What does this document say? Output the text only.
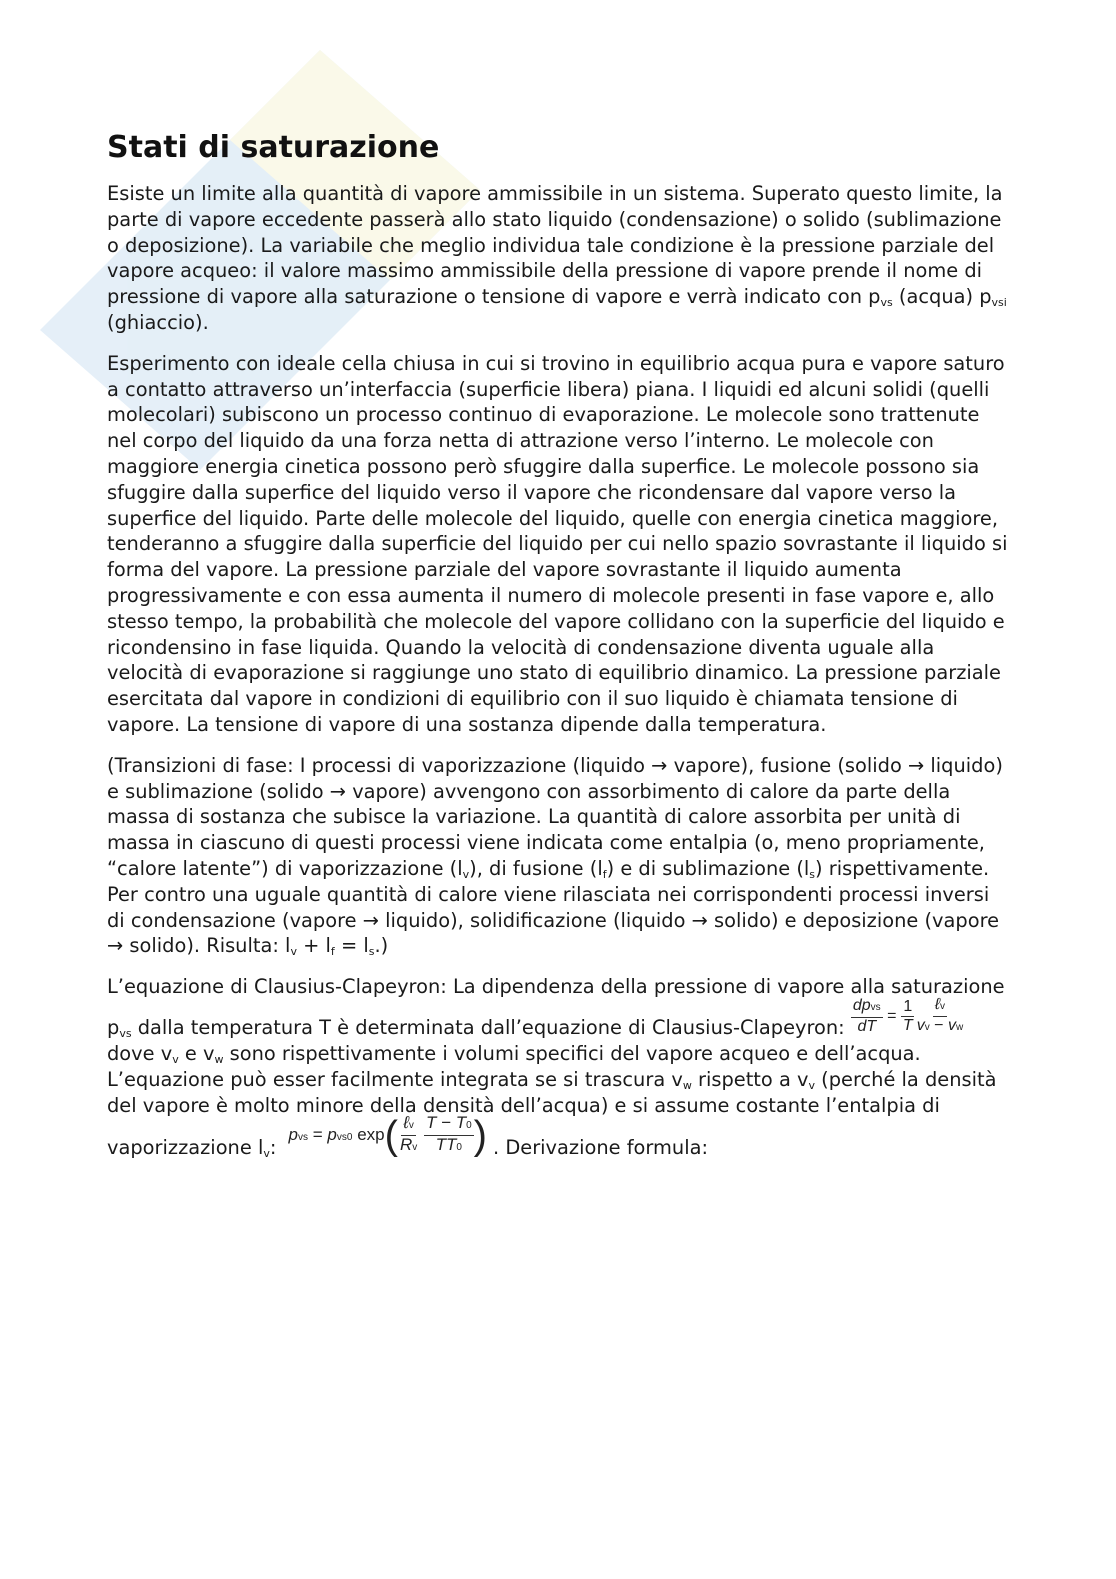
Stati di saturazione

Esiste un limite alla quantità di vapore ammissibile in un sistema. Superato questo limite, la parte di vapore eccedente passerà allo stato liquido (condensazione) o solido (sublimazione o deposizione). La variabile che meglio individua tale condizione è la pressione parziale del vapore acqueo: il valore massimo ammissibile della pressione di vapore prende il nome di pressione di vapore alla saturazione o tensione di vapore e verrà indicato con $p_{vs}$ (acqua) $p_{vsi}$ (ghiaccio).

Esperimento con ideale cella chiusa in cui si trovino in equilibrio acqua pura e vapore saturo a contatto attraverso un’interfaccia (superficie libera) piana. I liquidi ed alcuni solidi (quelli molecolari) subiscono un processo continuo di evaporazione. Le molecole sono trattenute nel corpo del liquido da una forza netta di attrazione verso l’interno. Le molecole con maggiore energia cinetica possono però sfuggire dalla superfice. Le molecole possono sia sfuggire dalla superfice del liquido verso il vapore che ricondensare dal vapore verso la superfice del liquido. Parte delle molecole del liquido, quelle con energia cinetica maggiore, tenderanno a sfuggire dalla superficie del liquido per cui nello spazio sovrastante il liquido si forma del vapore. La pressione parziale del vapore sovrastante il liquido aumenta progressivamente e con essa aumenta il numero di molecole presenti in fase vapore e, allo stesso tempo, la probabilità che molecole del vapore collidano con la superficie del liquido e ricondensino in fase liquida. Quando la velocità di condensazione diventa uguale alla velocità di evaporazione si raggiunge uno stato di equilibrio dinamico. La pressione parziale esercitata dal vapore in condizioni di equilibrio con il suo liquido è chiamata tensione di vapore. La tensione di vapore di una sostanza dipende dalla temperatura.

(Transizioni di fase: I processi di vaporizzazione (liquido → vapore), fusione (solido → liquido) e sublimazione (solido → vapore) avvengono con assorbimento di calore da parte della massa di sostanza che subisce la variazione. La quantità di calore assorbita per unità di massa in ciascuno di questi processi viene indicata come entalpia (o, meno propriamente, “calore latente”) di vaporizzazione $(l_v)$, di fusione $(l_f)$ e di sublimazione $(l_s)$ rispettivamente. Per contro una uguale quantità di calore viene rilasciata nei corrispondenti processi inversi di condensazione (vapore → liquido), solidificazione (liquido → solido) e deposizione (vapore → solido). Risulta: $l_v + l_f = l_s$.)

L’equazione di Clausius-Clapeyron: La dipendenza della pressione di vapore alla saturazione $p_{vs}$ dalla temperatura T è determinata dall’equazione di Clausius-Clapeyron: $\frac{\text{dpvs}}{dT} = \frac{1}{T} \frac{\text{ℓv}}{vv - vw}$
dove $v_v$ e $v_w$ sono rispettivamente i volumi specifici del vapore acqueo e dell’acqua. L’equazione può esser facilmente integrata se si trascura $v_w$ rispetto a $v_v$ (perché la densità del vapore è molto minore della densità dell’acqua) e si assume costante l’entalpia di vaporizzazione $l_v$: pvs = pvs0 $\exp( \frac{\text{ℓv}}{Rv}$
$\frac{T - T0}{TT0}$ ) . Derivazione formula:
